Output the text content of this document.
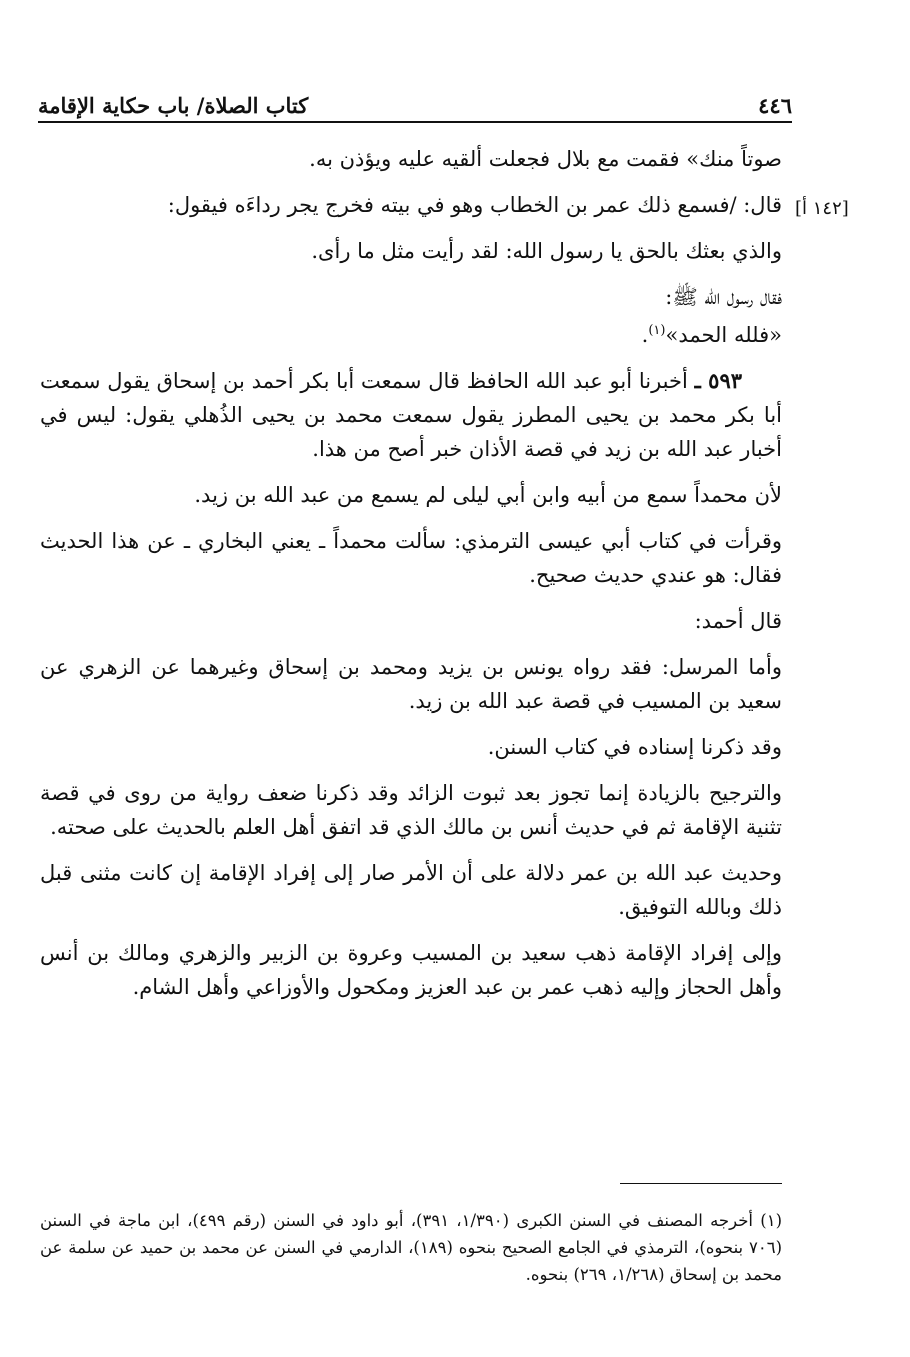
٤٤٦
كتاب الصلاة/ باب حكاية الإقامة
[١٤٢ أ]

صوتاً منك» فقمت مع بلال فجعلت ألقيه عليه ويؤذن به.

قال: /فسمع ذلك عمر بن الخطاب وهو في بيته فخرج يجر رداءَه فيقول:

والذي بعثك بالحق يا رسول الله: لقد رأيت مثل ما رأى.

فقال رسول الله ﷺ:

«فلله الحمد»$^{(١)}$.

٥٩٣ ـ أخبرنا أبو عبد الله الحافظ قال سمعت أبا بكر أحمد بن إسحاق يقول سمعت أبا بكر محمد بن يحيى المطرز يقول سمعت محمد بن يحيى الذُهلي يقول: ليس في أخبار عبد الله بن زيد في قصة الأذان خبر أصح من هذا.

لأن محمداً سمع من أبيه وابن أبي ليلى لم يسمع من عبد الله بن زيد.

وقرأت في كتاب أبي عيسى الترمذي: سألت محمداً ـ يعني البخاري ـ عن هذا الحديث فقال: هو عندي حديث صحيح.

قال أحمد:

وأما المرسل: فقد رواه يونس بن يزيد ومحمد بن إسحاق وغيرهما عن الزهري عن سعيد بن المسيب في قصة عبد الله بن زيد.

وقد ذكرنا إسناده في كتاب السنن.

والترجيح بالزيادة إنما تجوز بعد ثبوت الزائد وقد ذكرنا ضعف رواية من روى في قصة تثنية الإقامة ثم في حديث أنس بن مالك الذي قد اتفق أهل العلم بالحديث على صحته.

وحديث عبد الله بن عمر دلالة على أن الأمر صار إلى إفراد الإقامة إن كانت مثنى قبل ذلك وبالله التوفيق.

وإلى إفراد الإقامة ذهب سعيد بن المسيب وعروة بن الزبير والزهري ومالك بن أنس وأهل الحجاز وإليه ذهب عمر بن عبد العزيز ومكحول والأوزاعي وأهل الشام.

(١) أخرجه المصنف في السنن الكبرى (١/٣٩٠، ٣٩١)، أبو داود في السنن (رقم ٤٩٩)، ابن ماجة في السنن (٧٠٦ بنحوه)، الترمذي في الجامع الصحيح بنحوه (١٨٩)، الدارمي في السنن عن محمد بن حميد عن سلمة عن محمد بن إسحاق (١/٢٦٨، ٢٦٩) بنحوه.
